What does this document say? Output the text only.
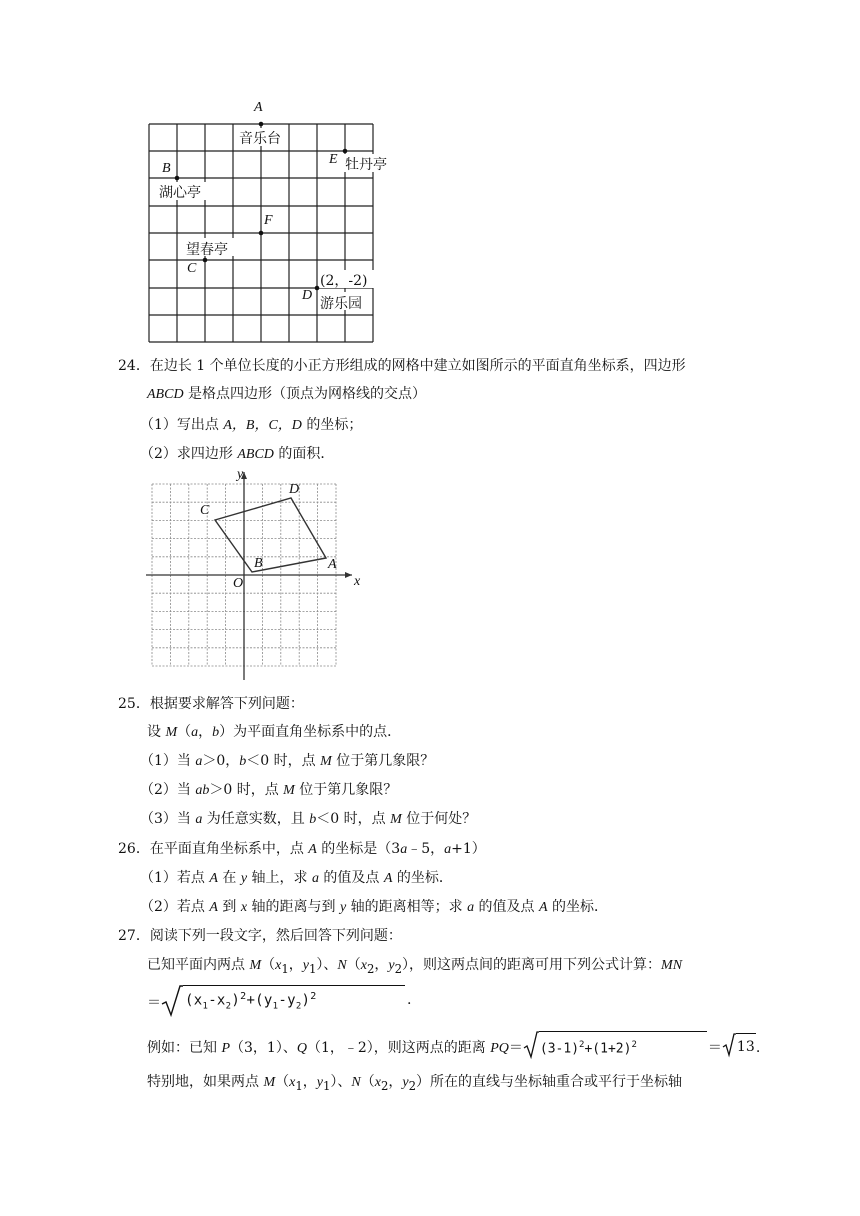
A
E
B
F
C
D
音乐台
牡丹亭
湖心亭
望春亭
(2，-2)
游乐园
24．在边长 1 个单位长度的小正方形组成的网格中建立如图所示的平面直角坐标系，四边形
ABCD 是格点四边形（顶点为网格线的交点）
（1）写出点 A，B，C，D 的坐标；
（2）求四边形 ABCD 的面积．
y
x
O
A
B
C
D
25．根据要求解答下列问题：
设 M（a，b）为平面直角坐标系中的点．
（1）当 a＞0，b＜0 时，点 M 位于第几象限？
（2）当 ab＞0 时，点 M 位于第几象限？
（3）当 a 为任意实数，且 b＜0 时，点 M 位于何处？
26．在平面直角坐标系中，点 A 的坐标是（3a﹣5，a+1）
（1）若点 A 在 y 轴上，求 a 的值及点 A 的坐标．
（2）若点 A 到 x 轴的距离与到 y 轴的距离相等；求 a 的值及点 A 的坐标．
27．阅读下列一段文字，然后回答下列问题：
已知平面内两点 $M(x_1$，$y_1$）、$N(x_2$，$y_2$），则这两点间的距离可用下列公式计算：MN
＝ $(x_1-x_2)^2+(y_1-y_2)^2$	.
例如：已知 P（3，1）、Q（1，﹣2），则这两点的距离 $PQ= (3-1)^2+(1+2)^2$	＝ 13 .
特别地，如果两点 $M(x_1$，$y_1$）、$N(x_2$，$y_2$）所在的直线与坐标轴重合或平行于坐标轴
